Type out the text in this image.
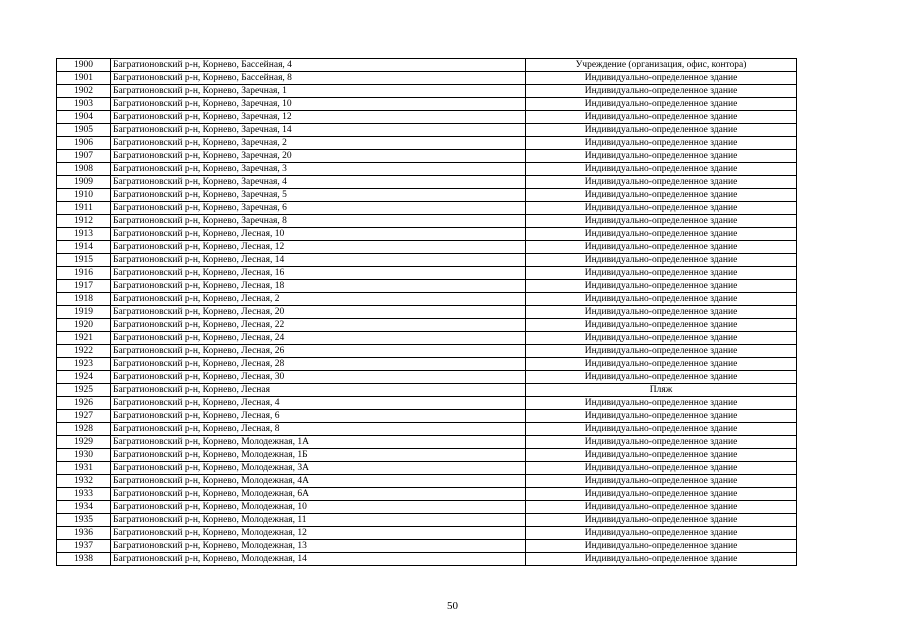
1900	Багратионовский р-н, Корнево, Бассейная, 4	Учреждение (организация, офис, контора)
1901	Багратионовский р-н, Корнево, Бассейная, 8	Индивидуально-определенное здание
1902	Багратионовский р-н, Корнево, Заречная, 1	Индивидуально-определенное здание
1903	Багратионовский р-н, Корнево, Заречная, 10	Индивидуально-определенное здание
1904	Багратионовский р-н, Корнево, Заречная, 12	Индивидуально-определенное здание
1905	Багратионовский р-н, Корнево, Заречная, 14	Индивидуально-определенное здание
1906	Багратионовский р-н, Корнево, Заречная, 2	Индивидуально-определенное здание
1907	Багратионовский р-н, Корнево, Заречная, 20	Индивидуально-определенное здание
1908	Багратионовский р-н, Корнево, Заречная, 3	Индивидуально-определенное здание
1909	Багратионовский р-н, Корнево, Заречная, 4	Индивидуально-определенное здание
1910	Багратионовский р-н, Корнево, Заречная, 5	Индивидуально-определенное здание
1911	Багратионовский р-н, Корнево, Заречная, 6	Индивидуально-определенное здание
1912	Багратионовский р-н, Корнево, Заречная, 8	Индивидуально-определенное здание
1913	Багратионовский р-н, Корнево, Лесная, 10	Индивидуально-определенное здание
1914	Багратионовский р-н, Корнево, Лесная, 12	Индивидуально-определенное здание
1915	Багратионовский р-н, Корнево, Лесная, 14	Индивидуально-определенное здание
1916	Багратионовский р-н, Корнево, Лесная, 16	Индивидуально-определенное здание
1917	Багратионовский р-н, Корнево, Лесная, 18	Индивидуально-определенное здание
1918	Багратионовский р-н, Корнево, Лесная, 2	Индивидуально-определенное здание
1919	Багратионовский р-н, Корнево, Лесная, 20	Индивидуально-определенное здание
1920	Багратионовский р-н, Корнево, Лесная, 22	Индивидуально-определенное здание
1921	Багратионовский р-н, Корнево, Лесная, 24	Индивидуально-определенное здание
1922	Багратионовский р-н, Корнево, Лесная, 26	Индивидуально-определенное здание
1923	Багратионовский р-н, Корнево, Лесная, 28	Индивидуально-определенное здание
1924	Багратионовский р-н, Корнево, Лесная, 30	Индивидуально-определенное здание
1925	Багратионовский р-н, Корнево, Лесная	Пляж
1926	Багратионовский р-н, Корнево, Лесная, 4	Индивидуально-определенное здание
1927	Багратионовский р-н, Корнево, Лесная, 6	Индивидуально-определенное здание
1928	Багратионовский р-н, Корнево, Лесная, 8	Индивидуально-определенное здание
1929	Багратионовский р-н, Корнево, Молодежная, 1А	Индивидуально-определенное здание
1930	Багратионовский р-н, Корнево, Молодежная, 1Б	Индивидуально-определенное здание
1931	Багратионовский р-н, Корнево, Молодежная, 3А	Индивидуально-определенное здание
1932	Багратионовский р-н, Корнево, Молодежная, 4А	Индивидуально-определенное здание
1933	Багратионовский р-н, Корнево, Молодежная, 6А	Индивидуально-определенное здание
1934	Багратионовский р-н, Корнево, Молодежная, 10	Индивидуально-определенное здание
1935	Багратионовский р-н, Корнево, Молодежная, 11	Индивидуально-определенное здание
1936	Багратионовский р-н, Корнево, Молодежная, 12	Индивидуально-определенное здание
1937	Багратионовский р-н, Корнево, Молодежная, 13	Индивидуально-определенное здание
1938	Багратионовский р-н, Корнево, Молодежная, 14	Индивидуально-определенное здание
50
